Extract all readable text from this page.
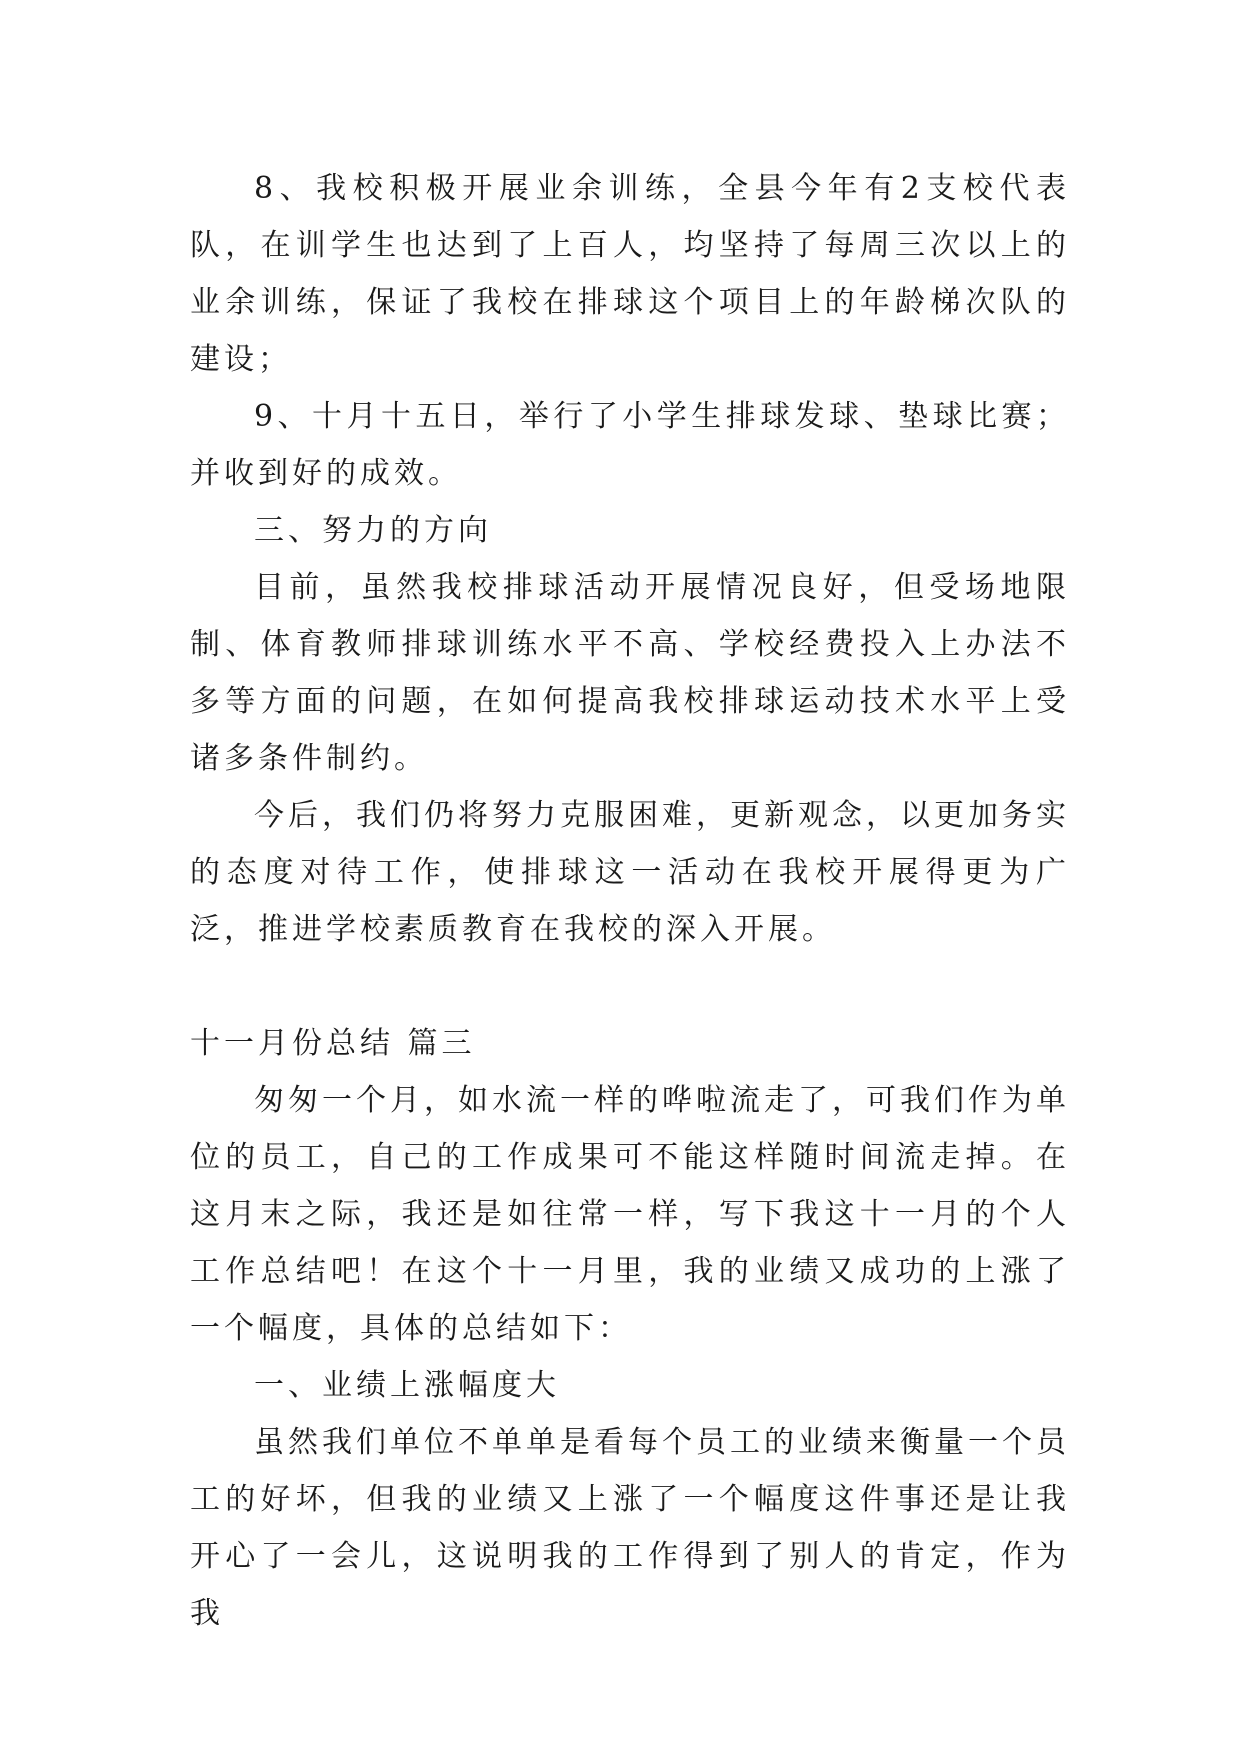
8、我校积极开展业余训练，全县今年有2支校代表队，在训学生也达到了上百人，均坚持了每周三次以上的业余训练，保证了我校在排球这个项目上的年龄梯次队的建设；

9、十月十五日，举行了小学生排球发球、垫球比赛；并收到好的成效。

三、努力的方向

目前，虽然我校排球活动开展情况良好，但受场地限制、体育教师排球训练水平不高、学校经费投入上办法不多等方面的问题，在如何提高我校排球运动技术水平上受诸多条件制约。

今后，我们仍将努力克服困难，更新观念，以更加务实的态度对待工作，使排球这一活动在我校开展得更为广泛，推进学校素质教育在我校的深入开展。

十一月份总结 篇三

匆匆一个月，如水流一样的哗啦流走了，可我们作为单位的员工，自己的工作成果可不能这样随时间流走掉。在这月末之际，我还是如往常一样，写下我这十一月的个人工作总结吧！在这个十一月里，我的业绩又成功的上涨了一个幅度，具体的总结如下：

一、业绩上涨幅度大

虽然我们单位不单单是看每个员工的业绩来衡量一个员工的好坏，但我的业绩又上涨了一个幅度这件事还是让我开心了一会儿，这说明我的工作得到了别人的肯定，作为我
